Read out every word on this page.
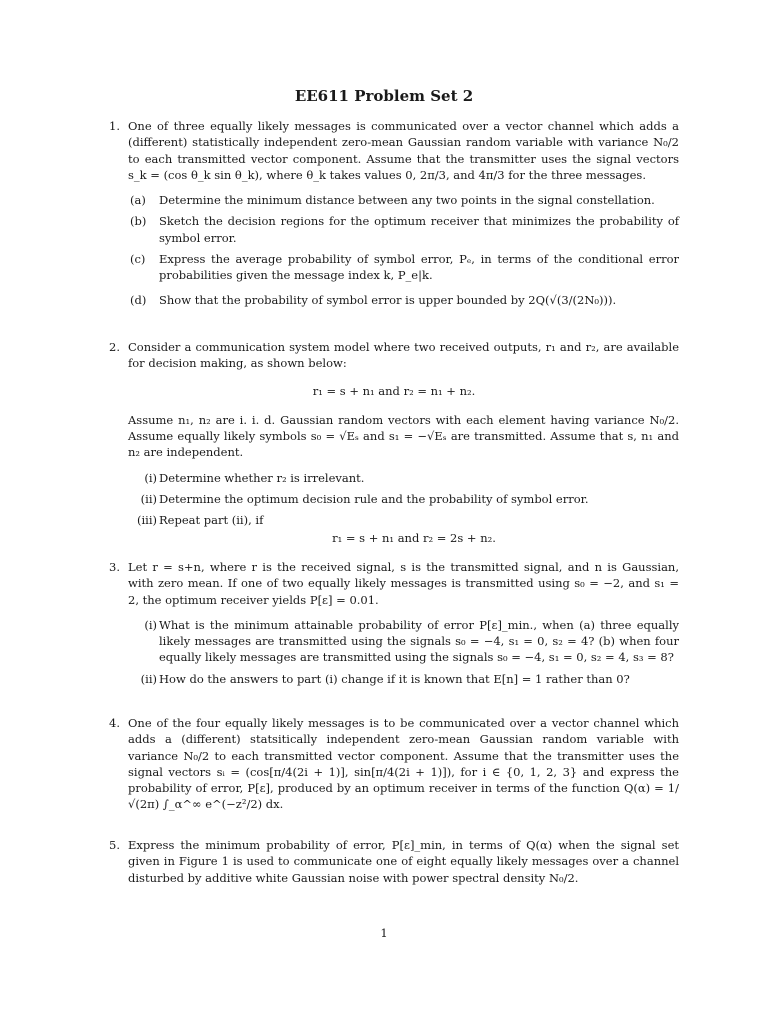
EE611 Problem Set 2
1. One of three equally likely messages is communicated over a vector channel which adds a (different) statistically independent zero-mean Gaussian random variable with variance N₀/2 to each transmitted vector component. Assume that the transmitter uses the signal vectors s_k = (cos θ_k sin θ_k), where θ_k takes values 0, 2π/3, and 4π/3 for the three messages.
(a) Determine the minimum distance between any two points in the signal constellation.
(b) Sketch the decision regions for the optimum receiver that minimizes the probability of symbol error.
(c) Express the average probability of symbol error, Pₑ, in terms of the conditional error probabilities given the message index k, P_e|k.
(d) Show that the probability of symbol error is upper bounded by 2Q(√(3/(2N₀))).
2. Consider a communication system model where two received outputs, r₁ and r₂, are available for decision making, as shown below:
r₁ = s + n₁ and r₂ = n₁ + n₂.
Assume n₁, n₂ are i. i. d. Gaussian random vectors with each element having variance N₀/2. Assume equally likely symbols s₀ = √Eₛ and s₁ = −√Eₛ are transmitted. Assume that s, n₁ and n₂ are independent.
(i) Determine whether r₂ is irrelevant.
(ii) Determine the optimum decision rule and the probability of symbol error.
(iii) Repeat part (ii), if
r₁ = s + n₁ and r₂ = 2s + n₂.
3. Let r = s+n, where r is the received signal, s is the transmitted signal, and n is Gaussian, with zero mean. If one of two equally likely messages is transmitted using s₀ = −2, and s₁ = 2, the optimum receiver yields P[ε] = 0.01.
(i) What is the minimum attainable probability of error P[ε]_min., when (a) three equally likely messages are transmitted using the signals s₀ = −4, s₁ = 0, s₂ = 4? (b) when four equally likely messages are transmitted using the signals s₀ = −4, s₁ = 0, s₂ = 4, s₃ = 8?
(ii) How do the answers to part (i) change if it is known that E[n] = 1 rather than 0?
4. One of the four equally likely messages is to be communicated over a vector channel which adds a (different) statsitically independent zero-mean Gaussian random variable with variance N₀/2 to each transmitted vector component. Assume that the transmitter uses the signal vectors sᵢ = (cos[π/4(2i + 1)], sin[π/4(2i + 1)]), for i ∈ {0, 1, 2, 3} and express the probability of error, P[ε], produced by an optimum receiver in terms of the function Q(α) = 1/√(2π) ∫_α^∞ e^(−z²/2) dx.
5. Express the minimum probability of error, P[ε]_min, in terms of Q(α) when the signal set given in Figure 1 is used to communicate one of eight equally likely messages over a channel disturbed by additive white Gaussian noise with power spectral density N₀/2.
1
